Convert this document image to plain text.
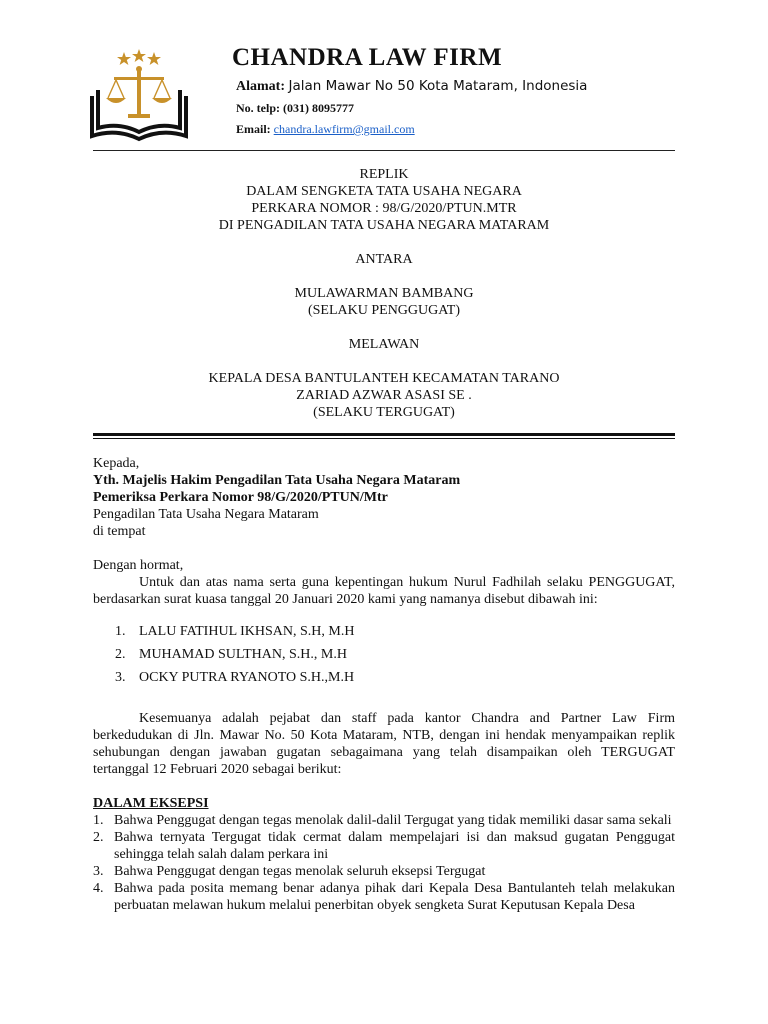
CHANDRA LAW FIRM
Alamat: Jalan Mawar No 50 Kota Mataram, Indonesia
No. telp: (031) 8095777
Email: chandra.lawfirm@gmail.com
REPLIK
DALAM SENGKETA TATA USAHA NEGARA
PERKARA NOMOR : 98/G/2020/PTUN.MTR
DI PENGADILAN TATA USAHA NEGARA MATARAM
ANTARA
MULAWARMAN BAMBANG
(SELAKU PENGGUGAT)
MELAWAN
KEPALA DESA BANTULANTEH KECAMATAN TARANO
ZARIAD AZWAR ASASI SE .
(SELAKU TERGUGAT)

Kepada,

Yth. Majelis Hakim Pengadilan Tata Usaha Negara Mataram

Pemeriksa Perkara Nomor 98/G/2020/PTUN/Mtr

Pengadilan Tata Usaha Negara Mataram

di tempat

Dengan hormat,

Untuk dan atas nama serta guna kepentingan hukum Nurul Fadhilah selaku PENGGUGAT, berdasarkan surat kuasa tanggal 20 Januari 2020 kami yang namanya disebut dibawah ini:

1. LALU FATIHUL IKHSAN, S.H, M.H
2. MUHAMAD SULTHAN, S.H., M.H
3. OCKY PUTRA RYANOTO S.H.,M.H

Kesemuanya adalah pejabat dan staff pada kantor Chandra and Partner Law Firm berkedudukan di Jln. Mawar No. 50 Kota Mataram, NTB, dengan ini hendak menyampaikan replik sehubungan dengan jawaban gugatan sebagaimana yang telah disampaikan oleh TERGUGAT tertanggal 12 Februari 2020 sebagai berikut:

DALAM EKSEPSI

1. Bahwa Penggugat dengan tegas menolak dalil-dalil Tergugat yang tidak memiliki dasar sama sekali
2. Bahwa ternyata Tergugat tidak cermat dalam mempelajari isi dan maksud gugatan Penggugat sehingga telah salah dalam perkara ini
3. Bahwa Penggugat dengan tegas menolak seluruh eksepsi Tergugat
4. Bahwa pada posita memang benar adanya pihak dari Kepala Desa Bantulanteh telah melakukan perbuatan melawan hukum melalui penerbitan obyek sengketa Surat Keputusan Kepala Desa
